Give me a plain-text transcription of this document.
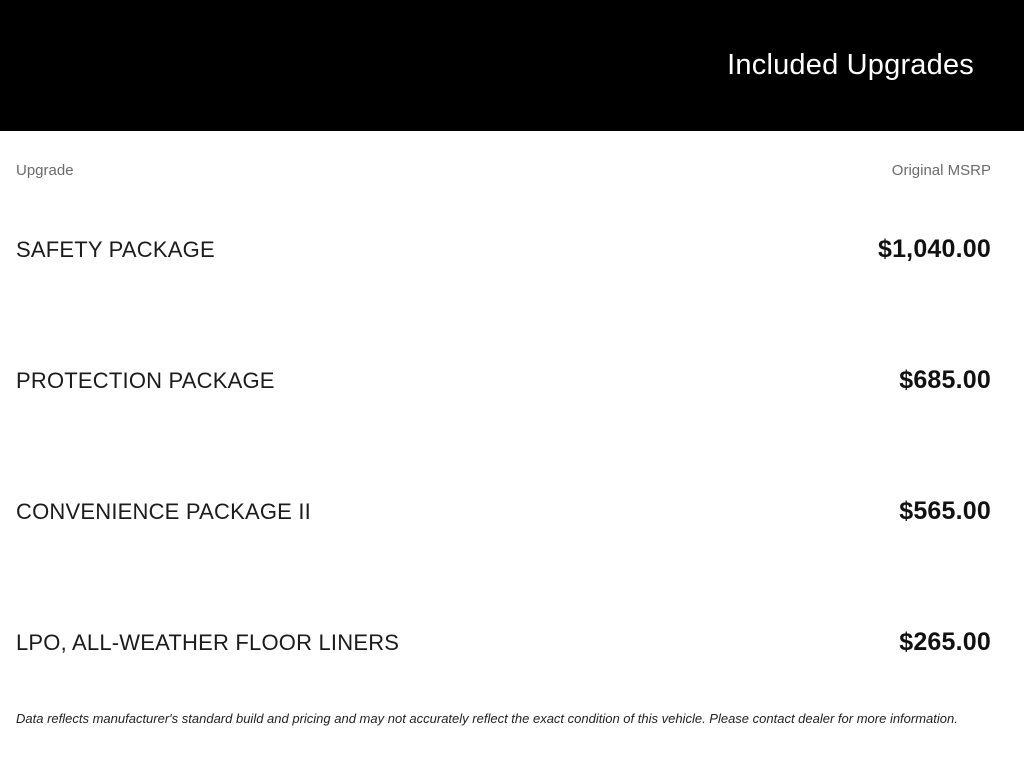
Included Upgrades
Upgrade	Original MSRP
SAFETY PACKAGE	$1,040.00
PROTECTION PACKAGE	$685.00
CONVENIENCE PACKAGE II	$565.00
LPO, ALL-WEATHER FLOOR LINERS	$265.00
Data reflects manufacturer's standard build and pricing and may not accurately reflect the exact condition of this vehicle. Please contact dealer for more information.
